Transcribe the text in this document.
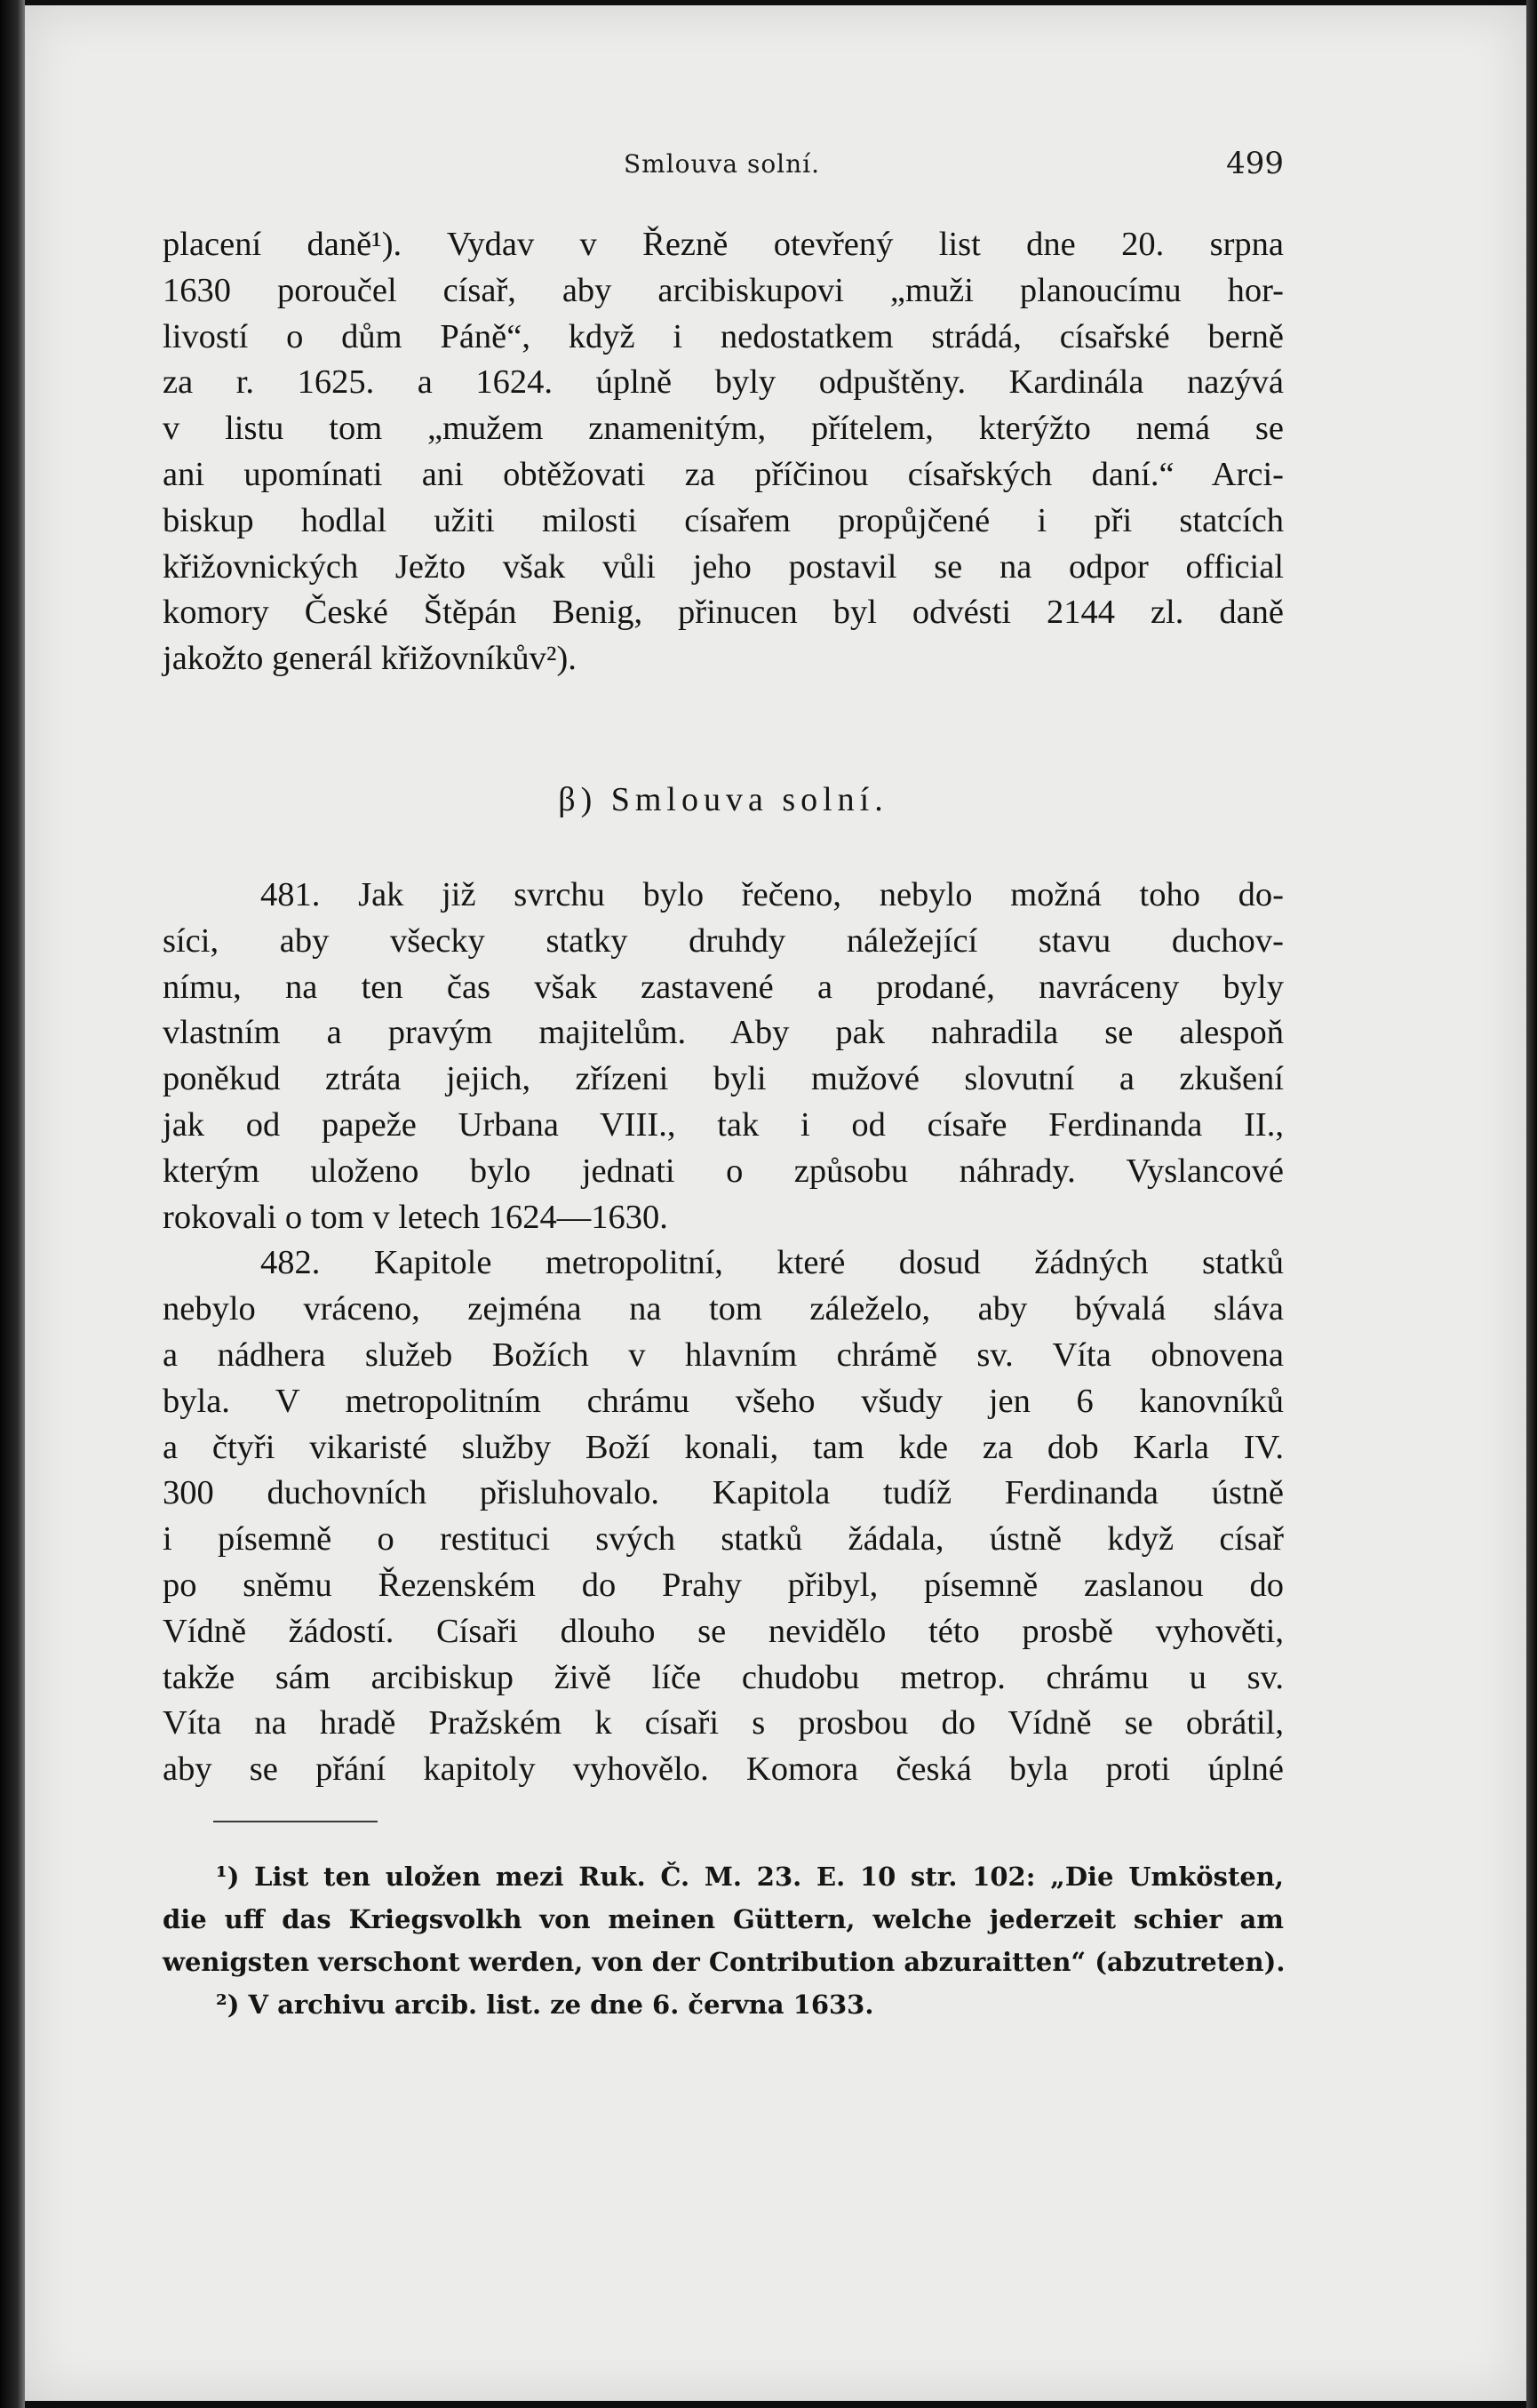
Smlouva solní.	499
placení daně¹). Vydav v Řezně otevřený list dne 20. srpna
1630 poroučel císař, aby arcibiskupovi „muži planoucímu hor-
livostí o dům Páně“, když i nedostatkem strádá, císařské berně
za r. 1625. a 1624. úplně byly odpuštěny. Kardinála nazývá
v listu tom „mužem znamenitým, přítelem, kterýžto nemá se
ani upomínati ani obtěžovati za příčinou císařských daní.“ Arci-
biskup hodlal užiti milosti císařem propůjčené i při statcích
křižovnických Ježto však vůli jeho postavil se na odpor official
komory České Štěpán Benig, přinucen byl odvésti 2144 zl. daně
jakožto generál křižovníkův²).
β) Smlouva solní.
481. Jak již svrchu bylo řečeno, nebylo možná toho do-
síci, aby všecky statky druhdy náležející stavu duchov-
nímu, na ten čas však zastavené a prodané, navráceny byly
vlastním a pravým majitelům. Aby pak nahradila se alespoň
poněkud ztráta jejich, zřízeni byli mužové slovutní a zkušení
jak od papeže Urbana VIII., tak i od císaře Ferdinanda II.,
kterým uloženo bylo jednati o způsobu náhrady. Vyslancové
rokovali o tom v letech 1624—1630.
482. Kapitole metropolitní, které dosud žádných statků
nebylo vráceno, zejména na tom záleželo, aby bývalá sláva
a nádhera služeb Božích v hlavním chrámě sv. Víta obnovena
byla. V metropolitním chrámu všeho všudy jen 6 kanovníků
a čtyři vikaristé služby Boží konali, tam kde za dob Karla IV.
300 duchovních přisluhovalo. Kapitola tudíž Ferdinanda ústně
i písemně o restituci svých statků žádala, ústně když císař
po sněmu Řezenském do Prahy přibyl, písemně zaslanou do
Vídně žádostí. Císaři dlouho se nevidělo této prosbě vyhověti,
takže sám arcibiskup živě líče chudobu metrop. chrámu u sv.
Víta na hradě Pražském k císaři s prosbou do Vídně se obrátil,
aby se přání kapitoly vyhovělo. Komora česká byla proti úplné
¹) List ten uložen mezi Ruk. Č. M. 23. E. 10 str. 102: „Die Umkösten,
die uff das Kriegsvolkh von meinen Güttern, welche jederzeit schier am
wenigsten verschont werden, von der Contribution abzuraitten“ (abzutreten).
²) V archivu arcib. list. ze dne 6. června 1633.
